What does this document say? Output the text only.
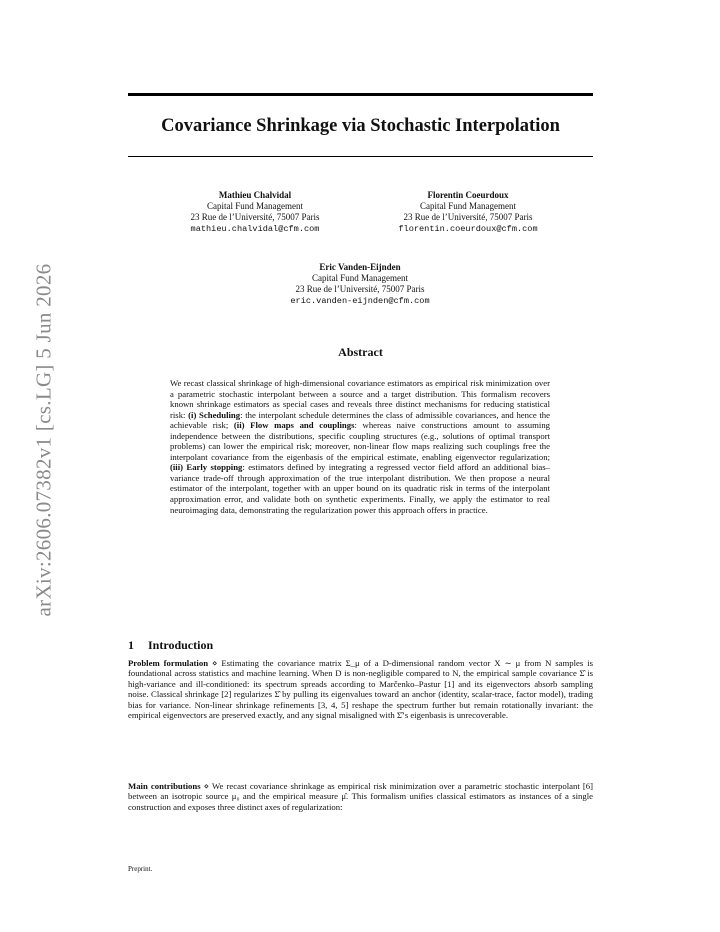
arXiv:2606.07382v1 [cs.LG] 5 Jun 2026
Covariance Shrinkage via Stochastic Interpolation
Mathieu Chalvidal
Capital Fund Management
23 Rue de l’Université, 75007 Paris
mathieu.chalvidal@cfm.com
Florentin Coeurdoux
Capital Fund Management
23 Rue de l’Université, 75007 Paris
florentin.coeurdoux@cfm.com
Eric Vanden-Eijnden
Capital Fund Management
23 Rue de l’Université, 75007 Paris
eric.vanden-eijnden@cfm.com
Abstract
We recast classical shrinkage of high-dimensional covariance estimators as empirical risk minimization over a parametric stochastic interpolant between a source and a target distribution. This formalism recovers known shrinkage estimators as special cases and reveals three distinct mechanisms for reducing statistical risk: (i) Scheduling: the interpolant schedule determines the class of admissible covariances, and hence the achievable risk; (ii) Flow maps and couplings: whereas naive constructions amount to assuming independence between the distributions, specific coupling structures (e.g., solutions of optimal transport problems) can lower the empirical risk; moreover, non-linear flow maps realizing such couplings free the interpolant covariance from the eigenbasis of the empirical estimate, enabling eigenvector regularization; (iii) Early stopping: estimators defined by integrating a regressed vector field afford an additional bias–variance trade-off through approximation of the true interpolant distribution. We then propose a neural estimator of the interpolant, together with an upper bound on its quadratic risk in terms of the interpolant approximation error, and validate both on synthetic experiments. Finally, we apply the estimator to real neuroimaging data, demonstrating the regularization power this approach offers in practice.
1 Introduction
Problem formulation ⋄ Estimating the covariance matrix Σ_μ of a D-dimensional random vector X ∼ μ from N samples is foundational across statistics and machine learning. When D is non-negligible compared to N, the empirical sample covariance Σ̂ is high-variance and ill-conditioned: its spectrum spreads according to Marčenko–Pastur [1] and its eigenvectors absorb sampling noise. Classical shrinkage [2] regularizes Σ̂ by pulling its eigenvalues toward an anchor (identity, scalar-trace, factor model), trading bias for variance. Non-linear shrinkage refinements [3, 4, 5] reshape the spectrum further but remain rotationally invariant: the empirical eigenvectors are preserved exactly, and any signal misaligned with Σ̂’s eigenbasis is unrecoverable.
Main contributions ⋄ We recast covariance shrinkage as empirical risk minimization over a parametric stochastic interpolant [6] between an isotropic source μ₀ and the empirical measure μ̂. This formalism unifies classical estimators as instances of a single construction and exposes three distinct axes of regularization:
Preprint.
